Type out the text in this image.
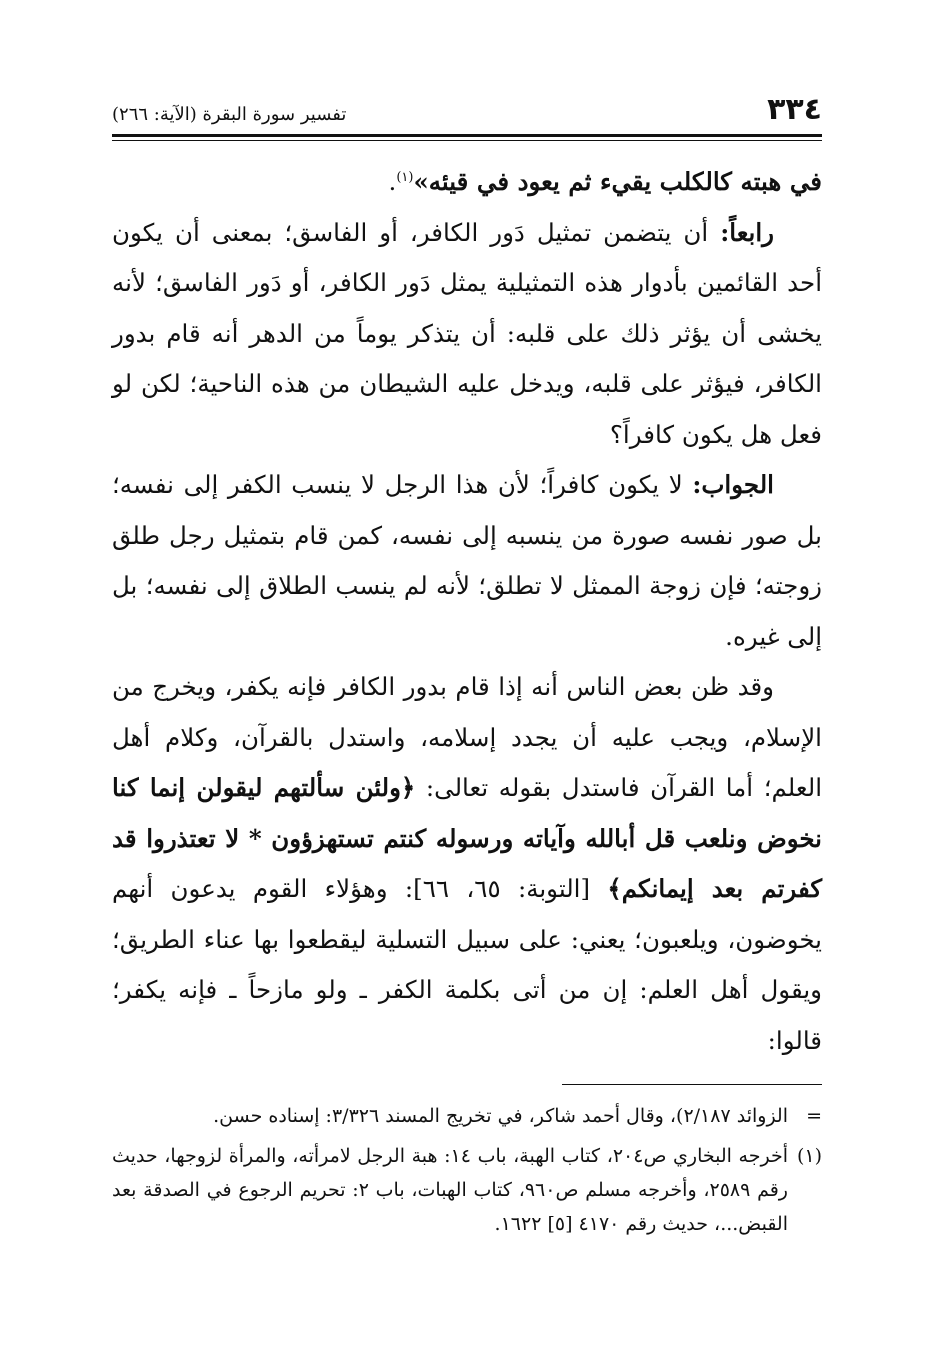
٣٣٤
تفسير سورة البقرة (الآية: ٢٦٦)

في هبته كالكلب يقيء ثم يعود في قيئه»$^{(١)}$.

رابعاً: أن يتضمن تمثيل دَور الكافر، أو الفاسق؛ بمعنى أن يكون أحد القائمين بأدوار هذه التمثيلية يمثل دَور الكافر، أو دَور الفاسق؛ لأنه يخشى أن يؤثر ذلك على قلبه: أن يتذكر يوماً من الدهر أنه قام بدور الكافر، فيؤثر على قلبه، ويدخل عليه الشيطان من هذه الناحية؛ لكن لو فعل هل يكون كافراً؟

الجواب: لا يكون كافراً؛ لأن هذا الرجل لا ينسب الكفر إلى نفسه؛ بل صور نفسه صورة من ينسبه إلى نفسه، كمن قام بتمثيل رجل طلق زوجته؛ فإن زوجة الممثل لا تطلق؛ لأنه لم ينسب الطلاق إلى نفسه؛ بل إلى غيره.

وقد ظن بعض الناس أنه إذا قام بدور الكافر فإنه يكفر، ويخرج من الإسلام، ويجب عليه أن يجدد إسلامه، واستدل بالقرآن، وكلام أهل العلم؛ أما القرآن فاستدل بقوله تعالى: ﴿ولئن سألتهم ليقولن إنما كنا نخوض ونلعب قل أبالله وآياته ورسوله كنتم تستهزؤون * لا تعتذروا قد كفرتم بعد إيمانكم﴾ [التوبة: ٦٥، ٦٦]: وهؤلاء القوم يدعون أنهم يخوضون، ويلعبون؛ يعني: على سبيل التسلية ليقطعوا بها عناء الطريق؛ ويقول أهل العلم: إن من أتى بكلمة الكفر ـ ولو مازحاً ـ فإنه يكفر؛ قالوا:

=
الزوائد ٢/١٨٧)، وقال أحمد شاكر، في تخريج المسند ٣/٣٢٦: إسناده حسن.
(١)
أخرجه البخاري ص٢٠٤، كتاب الهبة، باب ١٤: هبة الرجل لامرأته، والمرأة لزوجها، حديث رقم ٢٥٨٩، وأخرجه مسلم ص٩٦٠، كتاب الهبات، باب ٢: تحريم الرجوع في الصدقة بعد القبض...، حديث رقم ٤١٧٠ [٥] ١٦٢٢.
